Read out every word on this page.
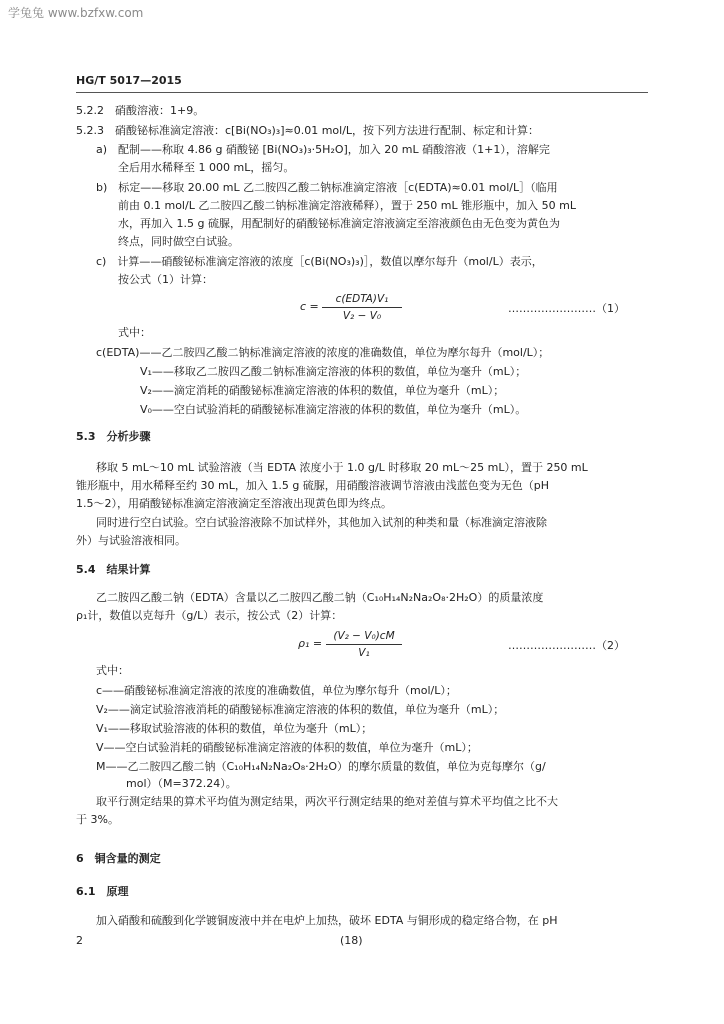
学兔兔 www.bzfxw.com
HG/T 5017—2015
5.2.2　硝酸溶液：1+9。
5.2.3　硝酸铋标准滴定溶液：c[Bi(NO₃)₃]≈0.01 mol/L，按下列方法进行配制、标定和计算：
a)　配制——称取 4.86 g 硝酸铋 [Bi(NO₃)₃·5H₂O]，加入 20 mL 硝酸溶液（1+1），溶解完
全后用水稀释至 1 000 mL，摇匀。
b)　标定——移取 20.00 mL 乙二胺四乙酸二钠标准滴定溶液［c(EDTA)≈0.01 mol/L］（临用
前由 0.1 mol/L 乙二胺四乙酸二钠标准滴定溶液稀释），置于 250 mL 锥形瓶中，加入 50 mL
水，再加入 1.5 g 硫脲，用配制好的硝酸铋标准滴定溶液滴定至溶液颜色由无色变为黄色为
终点，同时做空白试验。
c)　计算——硝酸铋标准滴定溶液的浓度［c(Bi(NO₃)₃)］，数值以摩尔每升（mol/L）表示，
按公式（1）计算：
c =
c(EDTA)V₁
V₂ − V₀
……………………（1）
式中：
c(EDTA)——乙二胺四乙酸二钠标准滴定溶液的浓度的准确数值，单位为摩尔每升（mol/L）；
V₁——移取乙二胺四乙酸二钠标准滴定溶液的体积的数值，单位为毫升（mL）；
V₂——滴定消耗的硝酸铋标准滴定溶液的体积的数值，单位为毫升（mL）；
V₀——空白试验消耗的硝酸铋标准滴定溶液的体积的数值，单位为毫升（mL）。
5.3　分析步骤
移取 5 mL～10 mL 试验溶液（当 EDTA 浓度小于 1.0 g/L 时移取 20 mL～25 mL），置于 250 mL
锥形瓶中，用水稀释至约 30 mL，加入 1.5 g 硫脲，用硝酸溶液调节溶液由浅蓝色变为无色（pH
1.5～2），用硝酸铋标准滴定溶液滴定至溶液出现黄色即为终点。
同时进行空白试验。空白试验溶液除不加试样外，其他加入试剂的种类和量（标准滴定溶液除
外）与试验溶液相同。
5.4　结果计算
乙二胺四乙酸二钠（EDTA）含量以乙二胺四乙酸二钠（C₁₀H₁₄N₂Na₂O₈·2H₂O）的质量浓度
ρ₁计，数值以克每升（g/L）表示，按公式（2）计算：
ρ₁ =
(V₂ − V₀)cM
V₁
……………………（2）
式中：
c——硝酸铋标准滴定溶液的浓度的准确数值，单位为摩尔每升（mol/L）；
V₂——滴定试验溶液消耗的硝酸铋标准滴定溶液的体积的数值，单位为毫升（mL）；
V₁——移取试验溶液的体积的数值，单位为毫升（mL）；
V——空白试验消耗的硝酸铋标准滴定溶液的体积的数值，单位为毫升（mL）；
M——乙二胺四乙酸二钠（C₁₀H₁₄N₂Na₂O₈·2H₂O）的摩尔质量的数值，单位为克每摩尔（g/
mol）（M=372.24）。
取平行测定结果的算术平均值为测定结果，两次平行测定结果的绝对差值与算术平均值之比不大
于 3%。
6　铜含量的测定
6.1　原理
加入硝酸和硫酸到化学镀铜废液中并在电炉上加热，破坏 EDTA 与铜形成的稳定络合物，在 pH
2	(18)
